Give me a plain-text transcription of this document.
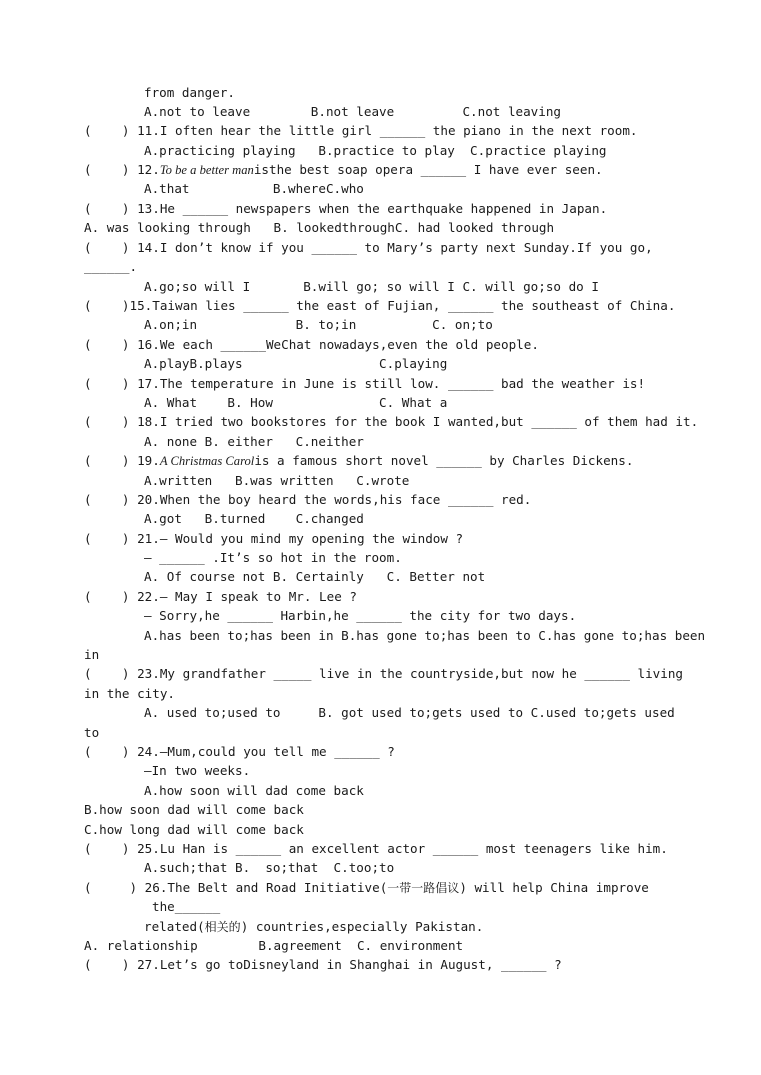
from danger.
A.not to leave        B.not leave         C.not leaving
(    ) 11.I often hear the little girl ______ the piano in the next room.
A.practicing playing   B.practice to play  C.practice playing
(    ) 12.To be a better manisthe best soap opera ______ I have ever seen.
A.that           B.whereC.who
(    ) 13.He ______ newspapers when the earthquake happened in Japan.
A. was looking through   B. lookedthroughC. had looked through
(    ) 14.I don’t know if you ______ to Mary’s party next Sunday.If you go,
______.
A.go;so will I       B.will go; so will I C. will go;so do I
(    )15.Taiwan lies ______ the east of Fujian, ______ the southeast of China.
A.on;in             B. to;in          C. on;to
(    ) 16.We each ______WeChat nowadays,even the old people.
A.playB.plays                  C.playing
(    ) 17.The temperature in June is still low. ______ bad the weather is!
A. What    B. How              C. What a
(    ) 18.I tried two bookstores for the book I wanted,but ______ of them had it.
A. none B. either   C.neither
(    ) 19.A Christmas Carolis a famous short novel ______ by Charles Dickens.
A.written   B.was written   C.wrote
(    ) 20.When the boy heard the words,his face ______ red.
A.got   B.turned    C.changed
(    ) 21.— Would you mind my opening the window ?
— ______ .It’s so hot in the room.
A. Of course not B. Certainly   C. Better not
(    ) 22.— May I speak to Mr. Lee ?
— Sorry,he ______ Harbin,he ______ the city for two days.
A.has been to;has been in B.has gone to;has been to C.has gone to;has been
in
(    ) 23.My grandfather _____ live in the countryside,but now he ______ living
in the city.
A. used to;used to     B. got used to;gets used to C.used to;gets used
to
(    ) 24.—Mum,could you tell me ______ ?
—In two weeks.
A.how soon will dad come back
B.how soon dad will come back
C.how long dad will come back
(    ) 25.Lu Han is ______ an excellent actor ______ most teenagers like him.
A.such;that B.  so;that  C.too;to
(     ) 26.The Belt and Road Initiative(一带一路倡议) will help China improve
the______
related(相关的) countries,especially Pakistan.
A. relationship        B.agreement  C. environment
(    ) 27.Let’s go toDisneyland in Shanghai in August, ______ ?
